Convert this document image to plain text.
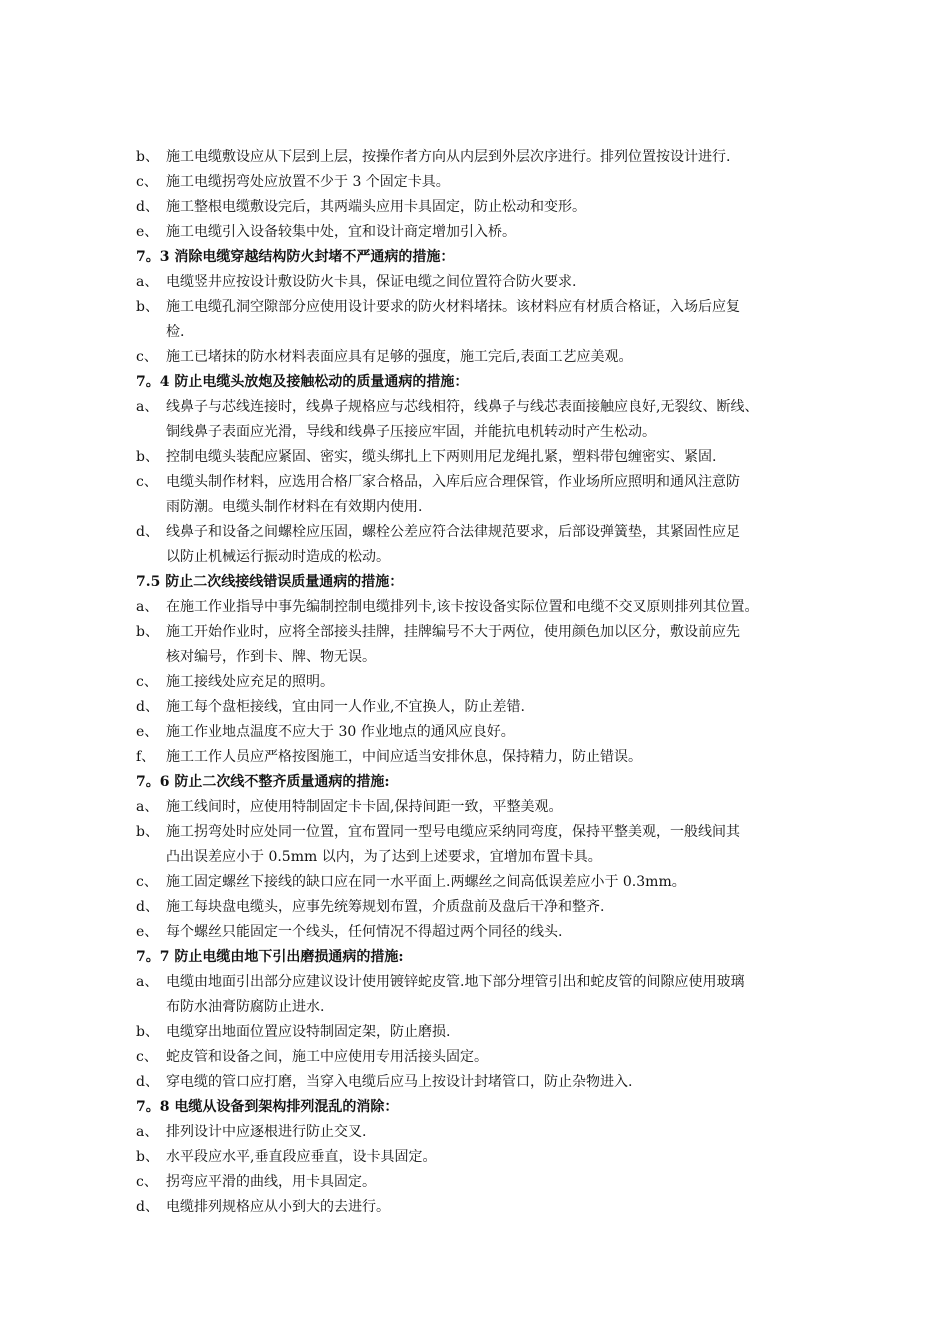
b、 施工电缆敷设应从下层到上层，按操作者方向从内层到外层次序进行。排列位置按设计进行.
c、 施工电缆拐弯处应放置不少于 3 个固定卡具。
d、 施工整根电缆敷设完后，其两端头应用卡具固定，防止松动和变形。
e、 施工电缆引入设备较集中处，宜和设计商定增加引入桥。
7。3 消除电缆穿越结构防火封堵不严通病的措施：
a、 电缆竖井应按设计敷设防火卡具，保证电缆之间位置符合防火要求.
b、 施工电缆孔洞空隙部分应使用设计要求的防火材料堵抹。该材料应有材质合格证，入场后应复
检.
c、 施工已堵抹的防水材料表面应具有足够的强度，施工完后,表面工艺应美观。
7。4 防止电缆头放炮及接触松动的质量通病的措施：
a、 线鼻子与芯线连接时，线鼻子规格应与芯线相符，线鼻子与线芯表面接触应良好,无裂纹、断线、
铜线鼻子表面应光滑，导线和线鼻子压接应牢固，并能抗电机转动时产生松动。
b、 控制电缆头装配应紧固、密实，缆头绑扎上下两则用尼龙绳扎紧，塑料带包缠密实、紧固.
c、 电缆头制作材料，应选用合格厂家合格品，入库后应合理保管，作业场所应照明和通风注意防
雨防潮。电缆头制作材料在有效期内使用.
d、 线鼻子和设备之间螺栓应压固，螺栓公差应符合法律规范要求，后部设弹簧垫，其紧固性应足
以防止机械运行振动时造成的松动。
7.5 防止二次线接线错误质量通病的措施：
a、 在施工作业指导中事先编制控制电缆排列卡,该卡按设备实际位置和电缆不交叉原则排列其位置。
b、 施工开始作业时，应将全部接头挂牌，挂牌编号不大于两位，使用颜色加以区分，敷设前应先
核对编号，作到卡、牌、物无误。
c、 施工接线处应充足的照明。
d、 施工每个盘柜接线，宜由同一人作业,不宜换人，防止差错.
e、 施工作业地点温度不应大于 30 作业地点的通风应良好。
f、 施工工作人员应严格按图施工，中间应适当安排休息，保持精力，防止错误。
7。6 防止二次线不整齐质量通病的措施:
a、 施工线间时，应使用特制固定卡卡固,保持间距一致，平整美观。
b、 施工拐弯处时应处同一位置，宜布置同一型号电缆应采纳同弯度，保持平整美观，一般线间其
凸出误差应小于 0.5mm 以内，为了达到上述要求，宜增加布置卡具。
c、 施工固定螺丝下接线的缺口应在同一水平面上.两螺丝之间高低误差应小于 0.3mm。
d、 施工每块盘电缆头，应事先统筹规划布置，介质盘前及盘后干净和整齐.
e、 每个螺丝只能固定一个线头，任何情况不得超过两个同径的线头.
7。7 防止电缆由地下引出磨损通病的措施:
a、 电缆由地面引出部分应建议设计使用镀锌蛇皮管.地下部分埋管引出和蛇皮管的间隙应使用玻璃
布防水油膏防腐防止进水.
b、 电缆穿出地面位置应设特制固定架，防止磨损.
c、 蛇皮管和设备之间，施工中应使用专用活接头固定。
d、 穿电缆的管口应打磨，当穿入电缆后应马上按设计封堵管口，防止杂物进入.
7。8 电缆从设备到架构排列混乱的消除：
a、 排列设计中应逐根进行防止交叉.
b、 水平段应水平,垂直段应垂直，设卡具固定。
c、 拐弯应平滑的曲线，用卡具固定。
d、 电缆排列规格应从小到大的去进行。
